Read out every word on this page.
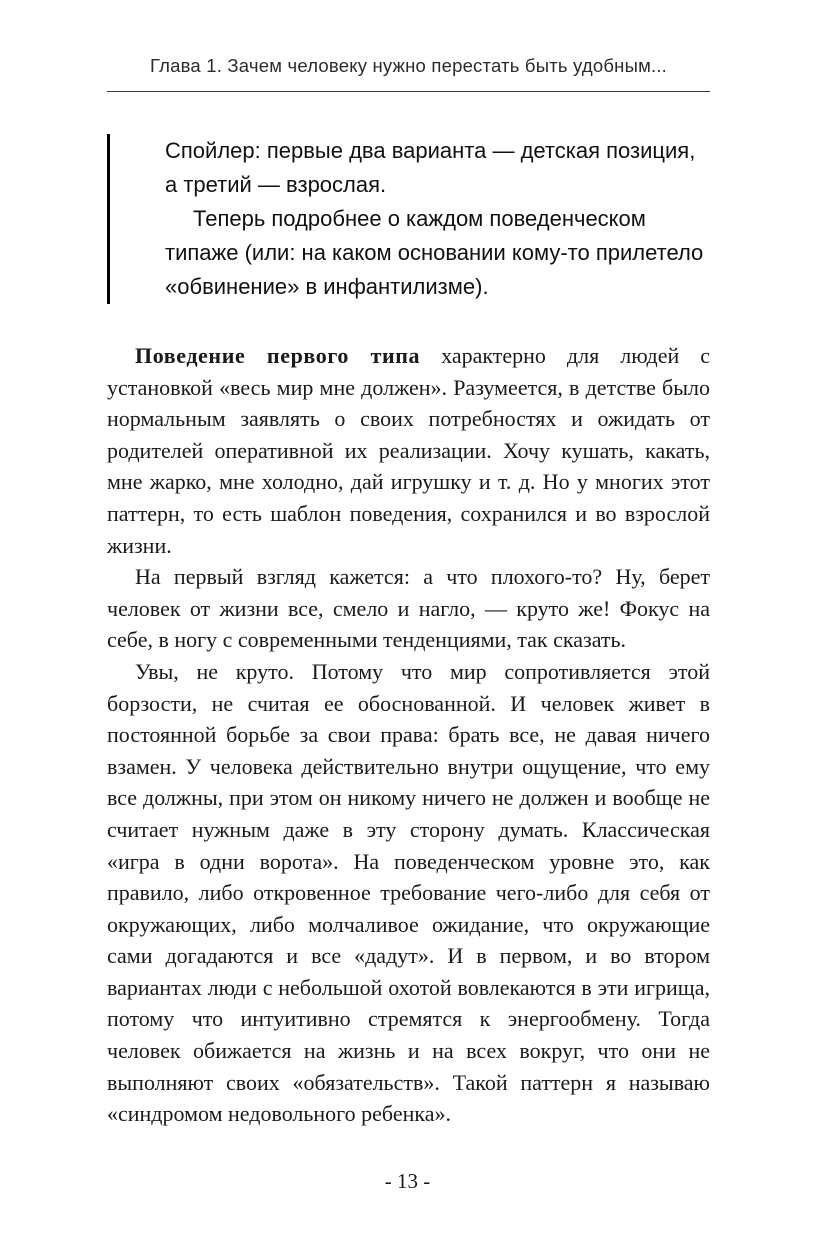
Глава 1. Зачем человеку нужно перестать быть удобным...

Спойлер: первые два варианта — детская позиция, а третий — взрослая.

Теперь подробнее о каждом поведенческом типаже (или: на каком основании кому-то прилетело «обвинение» в инфантилизме).

Поведение первого типа характерно для людей с установкой «весь мир мне должен». Разумеется, в детстве было нормальным заявлять о своих потребностях и ожидать от родителей оперативной их реализации. Хочу кушать, какать, мне жарко, мне холодно, дай игрушку и т. д. Но у многих этот паттерн, то есть шаблон поведения, сохранился и во взрослой жизни.

На первый взгляд кажется: а что плохого-то? Ну, берет человек от жизни все, смело и нагло, — круто же! Фокус на себе, в ногу с современными тенденциями, так сказать.

Увы, не круто. Потому что мир сопротивляется этой борзости, не считая ее обоснованной. И человек живет в постоянной борьбе за свои права: брать все, не давая ничего взамен. У человека действительно внутри ощущение, что ему все должны, при этом он никому ничего не должен и вообще не считает нужным даже в эту сторону думать. Классическая «игра в одни ворота». На поведенческом уровне это, как правило, либо откровенное требование чего-либо для себя от окружающих, либо молчаливое ожидание, что окружающие сами догадаются и все «дадут». И в первом, и во втором вариантах люди с небольшой охотой вовлекаются в эти игрища, потому что интуитивно стремятся к энергообмену. Тогда человек обижается на жизнь и на всех вокруг, что они не выполняют своих «обязательств». Такой паттерн я называю «синдромом недовольного ребенка».

- 13 -
